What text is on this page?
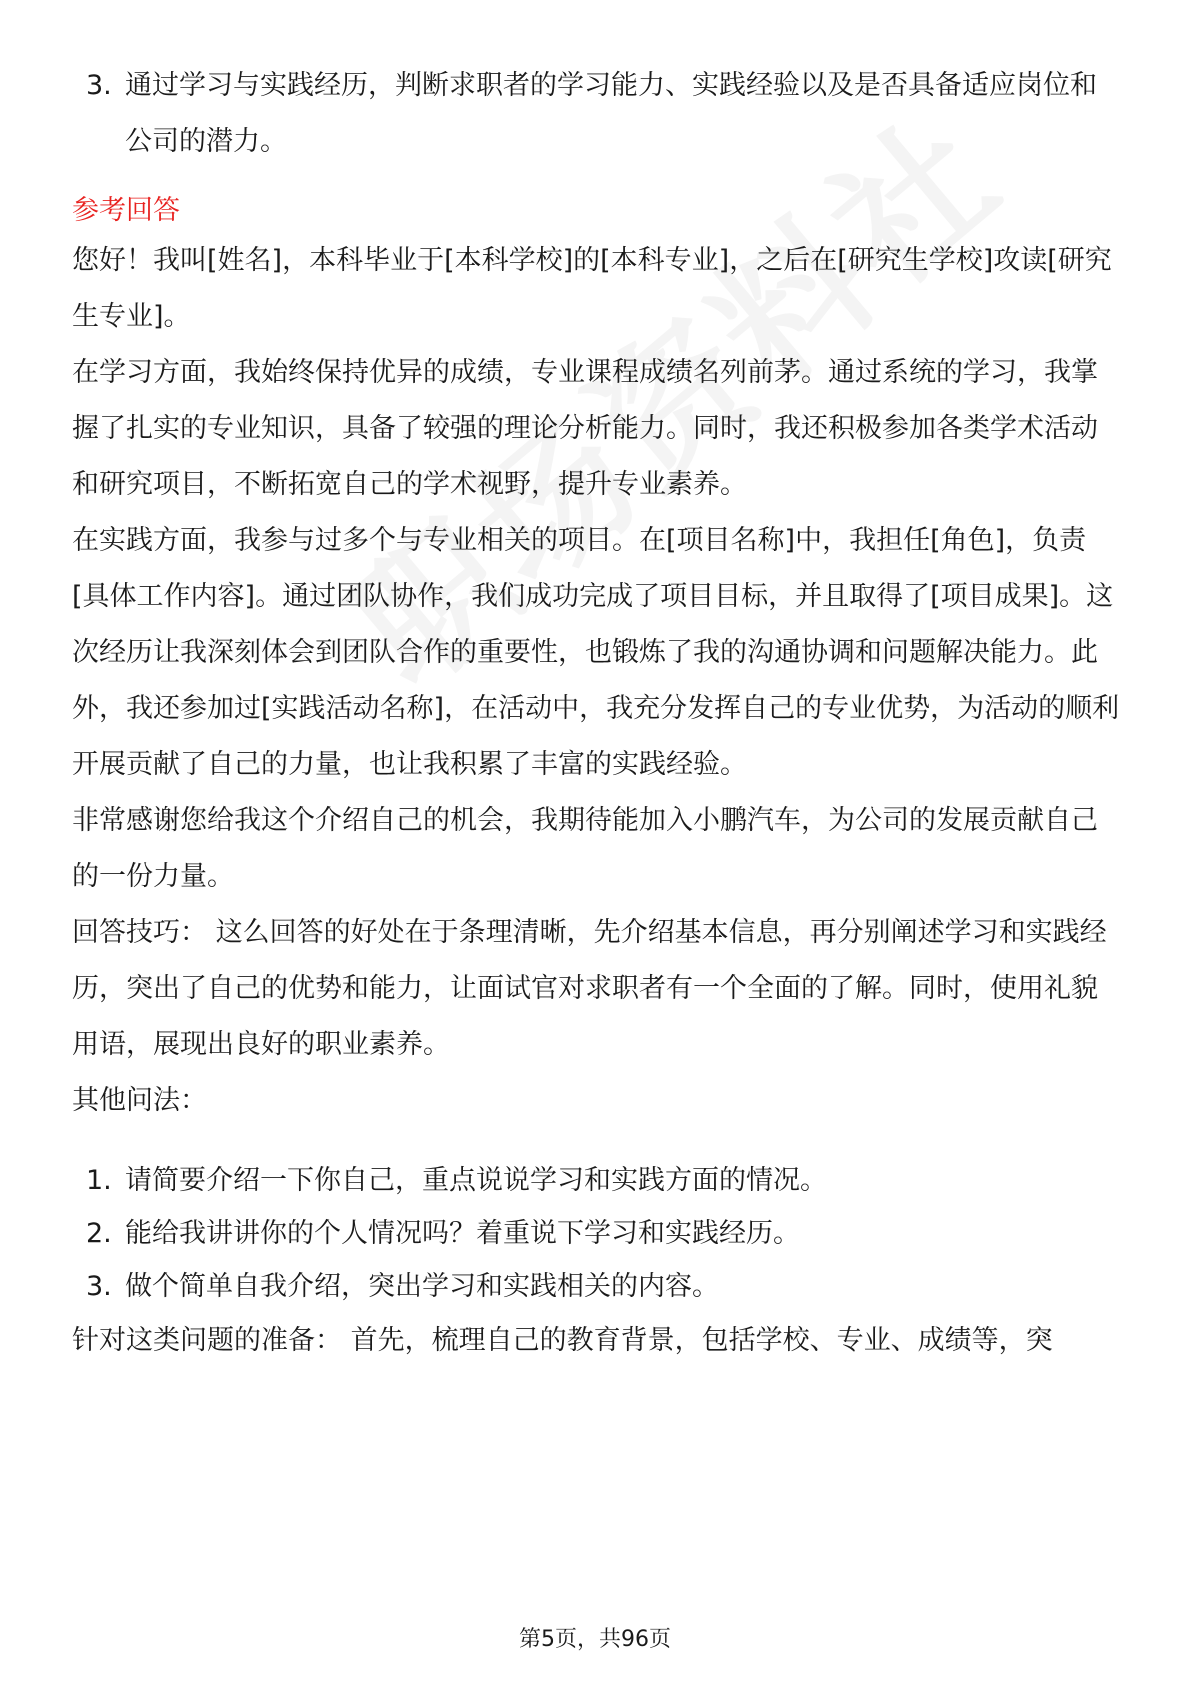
3. 通过学习与实践经历，判断求职者的学习能力、实践经验以及是否具备适应岗位和公司的潜力。
参考回答

您好！我叫[姓名]，本科毕业于[本科学校]的[本科专业]，之后在[研究生学校]攻读[研究生专业]。

在学习方面，我始终保持优异的成绩，专业课程成绩名列前茅。通过系统的学习，我掌握了扎实的专业知识，具备了较强的理论分析能力。同时，我还积极参加各类学术活动和研究项目，不断拓宽自己的学术视野，提升专业素养。

在实践方面，我参与过多个与专业相关的项目。在[项目名称]中，我担任[角色]，负责[具体工作内容]。通过团队协作，我们成功完成了项目目标，并且取得了[项目成果]。这次经历让我深刻体会到团队合作的重要性，也锻炼了我的沟通协调和问题解决能力。此外，我还参加过[实践活动名称]，在活动中，我充分发挥自己的专业优势，为活动的顺利开展贡献了自己的力量，也让我积累了丰富的实践经验。

非常感谢您给我这个介绍自己的机会，我期待能加入小鹏汽车，为公司的发展贡献自己的一份力量。

回答技巧： 这么回答的好处在于条理清晰，先介绍基本信息，再分别阐述学习和实践经历，突出了自己的优势和能力，让面试官对求职者有一个全面的了解。同时，使用礼貌用语，展现出良好的职业素养。

其他问法：

1. 请简要介绍一下你自己，重点说说学习和实践方面的情况。
2. 能给我讲讲你的个人情况吗？着重说下学习和实践经历。
3. 做个简单自我介绍，突出学习和实践相关的内容。

针对这类问题的准备： 首先，梳理自己的教育背景，包括学校、专业、成绩等，突

第5页，共96页
